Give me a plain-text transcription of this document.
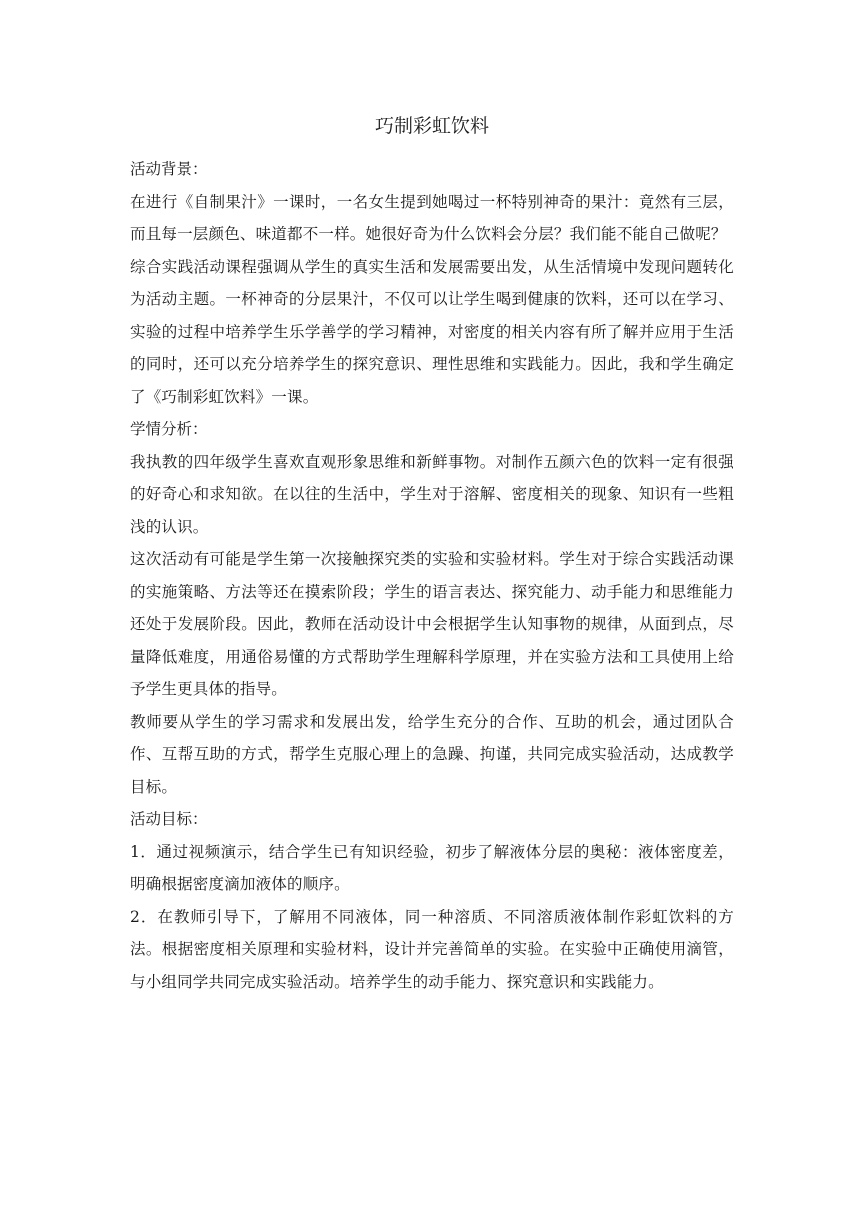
巧制彩虹饮料

活动背景：

在进行《自制果汁》一课时，一名女生提到她喝过一杯特别神奇的果汁：竟然有三层，而且每一层颜色、味道都不一样。她很好奇为什么饮料会分层？我们能不能自己做呢？

综合实践活动课程强调从学生的真实生活和发展需要出发，从生活情境中发现问题转化为活动主题。一杯神奇的分层果汁，不仅可以让学生喝到健康的饮料，还可以在学习、实验的过程中培养学生乐学善学的学习精神，对密度的相关内容有所了解并应用于生活的同时，还可以充分培养学生的探究意识、理性思维和实践能力。因此，我和学生确定了《巧制彩虹饮料》一课。

学情分析：

我执教的四年级学生喜欢直观形象思维和新鲜事物。对制作五颜六色的饮料一定有很强的好奇心和求知欲。在以往的生活中，学生对于溶解、密度相关的现象、知识有一些粗浅的认识。

这次活动有可能是学生第一次接触探究类的实验和实验材料。学生对于综合实践活动课的实施策略、方法等还在摸索阶段；学生的语言表达、探究能力、动手能力和思维能力还处于发展阶段。因此，教师在活动设计中会根据学生认知事物的规律，从面到点，尽量降低难度，用通俗易懂的方式帮助学生理解科学原理，并在实验方法和工具使用上给予学生更具体的指导。

教师要从学生的学习需求和发展出发，给学生充分的合作、互助的机会，通过团队合作、互帮互助的方式，帮学生克服心理上的急躁、拘谨，共同完成实验活动，达成教学目标。

活动目标：

1．通过视频演示，结合学生已有知识经验，初步了解液体分层的奥秘：液体密度差，明确根据密度滴加液体的顺序。

2．在教师引导下，了解用不同液体，同一种溶质、不同溶质液体制作彩虹饮料的方法。根据密度相关原理和实验材料，设计并完善简单的实验。在实验中正确使用滴管，与小组同学共同完成实验活动。培养学生的动手能力、探究意识和实践能力。
